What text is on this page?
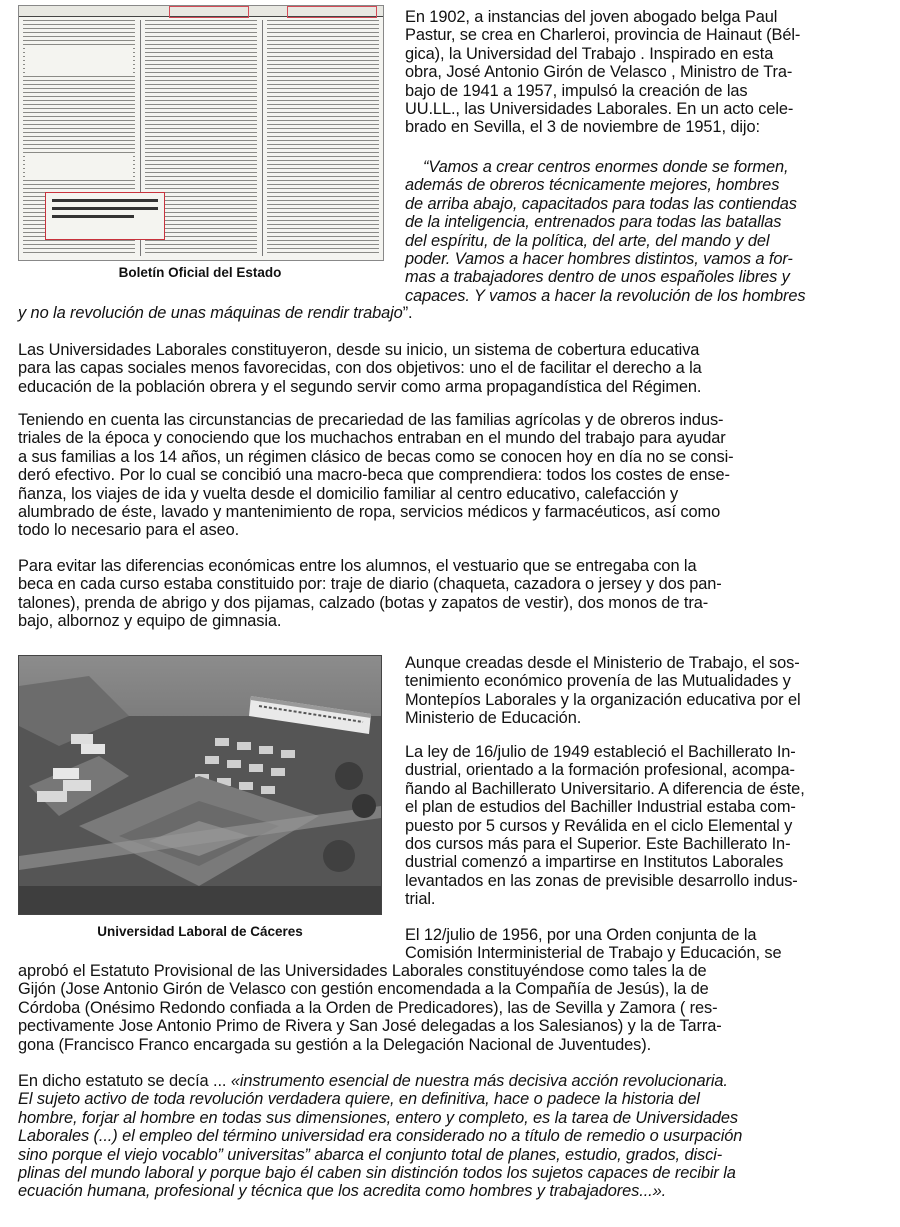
Boletín Oficial del Estado
En 1902, a instancias del joven abogado belga Paul
Pastur, se crea en Charleroi, provincia de Hainaut (Bél-
gica), la Universidad del Trabajo . Inspirado en esta
obra, José Antonio Girón de Velasco , Ministro de Tra-
bajo de 1941 a 1957, impulsó la creación de las
UU.LL., las Universidades Laborales. En un acto cele-
brado en Sevilla, el 3 de noviembre de 1951, dijo:
“Vamos a crear centros enormes donde se formen,
además de obreros técnicamente mejores, hombres
de arriba abajo, capacitados para todas las contiendas
de la inteligencia, entrenados para todas las batallas
del espíritu, de la política, del arte, del mando y del
poder. Vamos a hacer hombres distintos, vamos a for-
mas a trabajadores dentro de unos españoles libres y
capaces. Y vamos a hacer la revolución de los hombres
y no la revolución de unas máquinas de rendir trabajo”.
Las Universidades Laborales constituyeron, desde su inicio, un sistema de cobertura educativa
para las capas sociales menos favorecidas, con dos objetivos: uno el de facilitar el derecho a la
educación de la población obrera y el segundo servir como arma propagandística del Régimen.
Teniendo en cuenta las circunstancias de precariedad de las familias agrícolas y de obreros indus-
triales de la época y conociendo que los muchachos entraban en el mundo del trabajo para ayudar
a sus familias a los 14 años, un régimen clásico de becas como se conocen hoy en día no se consi-
deró efectivo. Por lo cual se concibió una macro-beca que comprendiera: todos los costes de ense-
ñanza, los viajes de ida y vuelta desde el domicilio familiar al centro educativo, calefacción y
alumbrado de éste, lavado y mantenimiento de ropa, servicios médicos y farmacéuticos, así como
todo lo necesario para el aseo.
Para evitar las diferencias económicas entre los alumnos, el vestuario que se entregaba con la
beca en cada curso estaba constituido por: traje de diario (chaqueta, cazadora o jersey y dos pan-
talones), prenda de abrigo y dos pijamas, calzado (botas y zapatos de vestir), dos monos de tra-
bajo, albornoz y equipo de gimnasia.
Universidad Laboral de Cáceres
Aunque creadas desde el Ministerio de Trabajo, el sos-
tenimiento económico provenía de las Mutualidades y
Montepíos Laborales y la organización educativa por el
Ministerio de Educación.
La ley de 16/julio de 1949 estableció el Bachillerato In-
dustrial, orientado a la formación profesional, acompa-
ñando al Bachillerato Universitario. A diferencia de éste,
el plan de estudios del Bachiller Industrial estaba com-
puesto por 5 cursos y Reválida en el ciclo Elemental y
dos cursos más para el Superior. Este Bachillerato In-
dustrial comenzó a impartirse en Institutos Laborales
levantados en las zonas de previsible desarrollo indus-
trial.
El 12/julio de 1956, por una Orden conjunta de la
Comisión Interministerial de Trabajo y Educación, se
aprobó el Estatuto Provisional de las Universidades Laborales constituyéndose como tales la de
Gijón (Jose Antonio Girón de Velasco con gestión encomendada a la Compañía de Jesús), la de
Córdoba (Onésimo Redondo confiada a la Orden de Predicadores), las de Sevilla y Zamora ( res-
pectivamente Jose Antonio Primo de Rivera y San José delegadas a los Salesianos) y la de Tarra-
gona (Francisco Franco encargada su gestión a la Delegación Nacional de Juventudes).
En dicho estatuto se decía ... «instrumento esencial de nuestra más decisiva acción revolucionaria.
El sujeto activo de toda revolución verdadera quiere, en definitiva, hace o padece la historia del
hombre, forjar al hombre en todas sus dimensiones, entero y completo, es la tarea de Universidades
Laborales (...) el empleo del término universidad era considerado no a título de remedio o usurpación
sino porque el viejo vocablo” universitas” abarca el conjunto total de planes, estudio, grados, disci-
plinas del mundo laboral y porque bajo él caben sin distinción todos los sujetos capaces de recibir la
ecuación humana, profesional y técnica que los acredita como hombres y trabajadores...».
